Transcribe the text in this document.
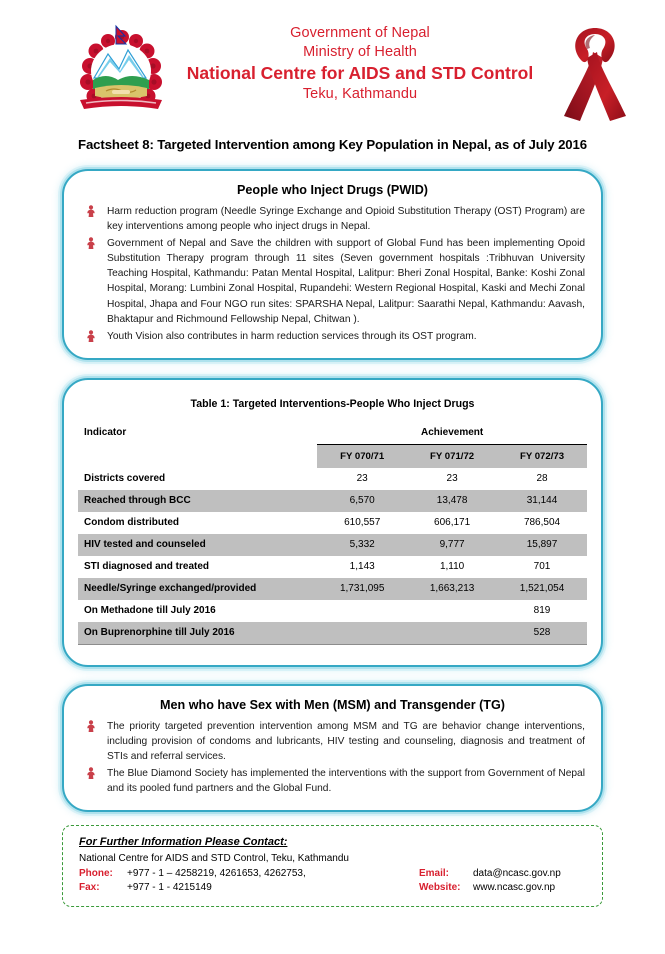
Government of Nepal
Ministry of Health
National Centre for AIDS and STD Control
Teku, Kathmandu
Factsheet 8: Targeted Intervention among Key Population in Nepal, as of July 2016
People who Inject Drugs (PWID)
Harm reduction program (Needle Syringe Exchange and Opioid Substitution Therapy (OST) Program) are key interventions among people who inject drugs in Nepal.
Government of Nepal and Save the children with support of Global Fund has been implementing Opoid Substitution Therapy program through 11 sites (Seven government hospitals :Tribhuvan University Teaching Hospital, Kathmandu: Patan Mental Hospital, Lalitpur: Bheri Zonal Hospital, Banke: Koshi Zonal Hospital, Morang: Lumbini Zonal Hospital, Rupandehi: Western Regional Hospital, Kaski and Mechi Zonal Hospital, Jhapa and Four NGO run sites: SPARSHA Nepal, Lalitpur: Saarathi Nepal, Kathmandu: Aavash, Bhaktapur and Richmound Fellowship Nepal, Chitwan ).
Youth Vision also contributes in harm reduction services through its OST program.
Table 1: Targeted Interventions-People Who Inject Drugs
Indicator	Achievement		
	FY 070/71	FY 071/72	FY 072/73
Districts covered	23	23	28
Reached through BCC	6,570	13,478	31,144
Condom distributed	610,557	606,171	786,504
HIV tested and counseled	5,332	9,777	15,897
STI diagnosed and treated	1,143	1,110	701
Needle/Syringe exchanged/provided	1,731,095	1,663,213	1,521,054
On Methadone till July 2016			819
On Buprenorphine till July 2016			528
Men who have Sex with Men (MSM) and Transgender (TG)
The priority targeted prevention intervention among MSM and TG are behavior change interventions, including provision of condoms and lubricants, HIV testing and counseling, diagnosis and treatment of STIs and referral services.
The Blue Diamond Society has implemented the interventions with the support from Government of Nepal and its pooled fund partners and the Global Fund.
For Further Information Please Contact:
National Centre for AIDS and STD Control, Teku, Kathmandu
Phone:	+977 - 1 – 4258219, 4261653, 4262753,
Fax:	+977 - 1 - 4215149
Email:	data@ncasc.gov.np
Website:	www.ncasc.gov.np
